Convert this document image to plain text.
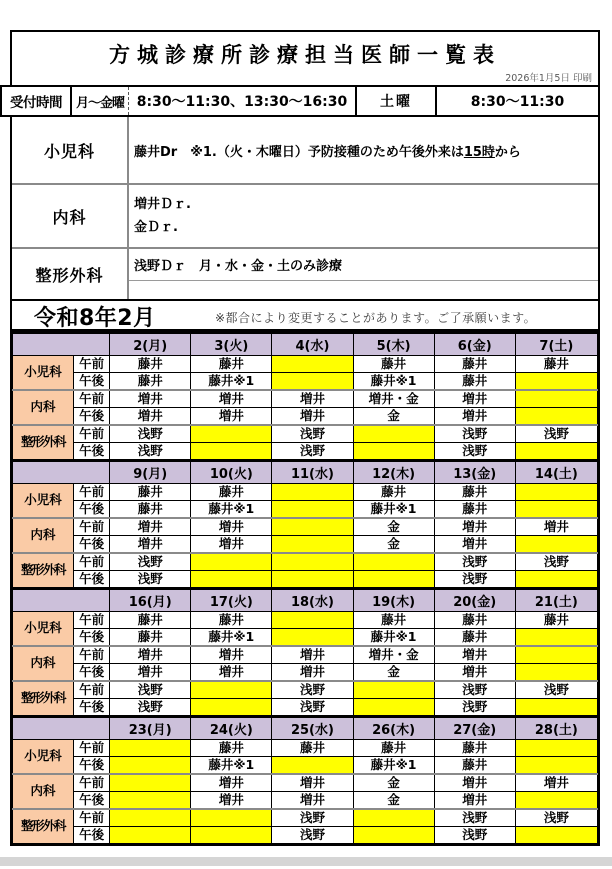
方城診療所診療担当医師一覧表
2026年1月5日 印刷
受付時間	月～金曜 8:30～11:30、13:30～16:30	土曜	8:30～11:30
小児科	藤井Dr　※1.（火・木曜日）予防接種のため午後外来は15時から
内科
増井Ｄｒ.
金Ｄｒ.
整形外科	浅野Ｄｒ　月・水・金・土のみ診療
令和8年2月	※都合により変更することがあります。ご了承願います。
		2(月)	3(火)	4(水)	5(木)	6(金)	7(土)
小児科	午前	藤井	藤井		藤井	藤井	藤井
	午後	藤井	藤井※1		藤井※1	藤井	
内科	午前	増井	増井	増井	増井・金	増井	
	午後	増井	増井	増井	金	増井	
整形外科	午前	浅野		浅野		浅野	浅野
	午後	浅野		浅野		浅野	
		9(月)	10(火)	11(水)	12(木)	13(金)	14(土)
小児科	午前	藤井	藤井		藤井	藤井	
	午後	藤井	藤井※1		藤井※1	藤井	
内科	午前	増井	増井		金	増井	増井
	午後	増井	増井		金	増井	
整形外科	午前	浅野				浅野	浅野
	午後	浅野				浅野	
		16(月)	17(火)	18(水)	19(木)	20(金)	21(土)
小児科	午前	藤井	藤井		藤井	藤井	藤井
	午後	藤井	藤井※1		藤井※1	藤井	
内科	午前	増井	増井	増井	増井・金	増井	
	午後	増井	増井	増井	金	増井	
整形外科	午前	浅野		浅野		浅野	浅野
	午後	浅野		浅野		浅野	
		23(月)	24(火)	25(水)	26(木)	27(金)	28(土)
小児科	午前		藤井	藤井	藤井	藤井	
	午後		藤井※1		藤井※1	藤井	
内科	午前		増井	増井	金	増井	増井
	午後		増井	増井	金	増井	
整形外科	午前			浅野		浅野	浅野
	午後			浅野		浅野	
